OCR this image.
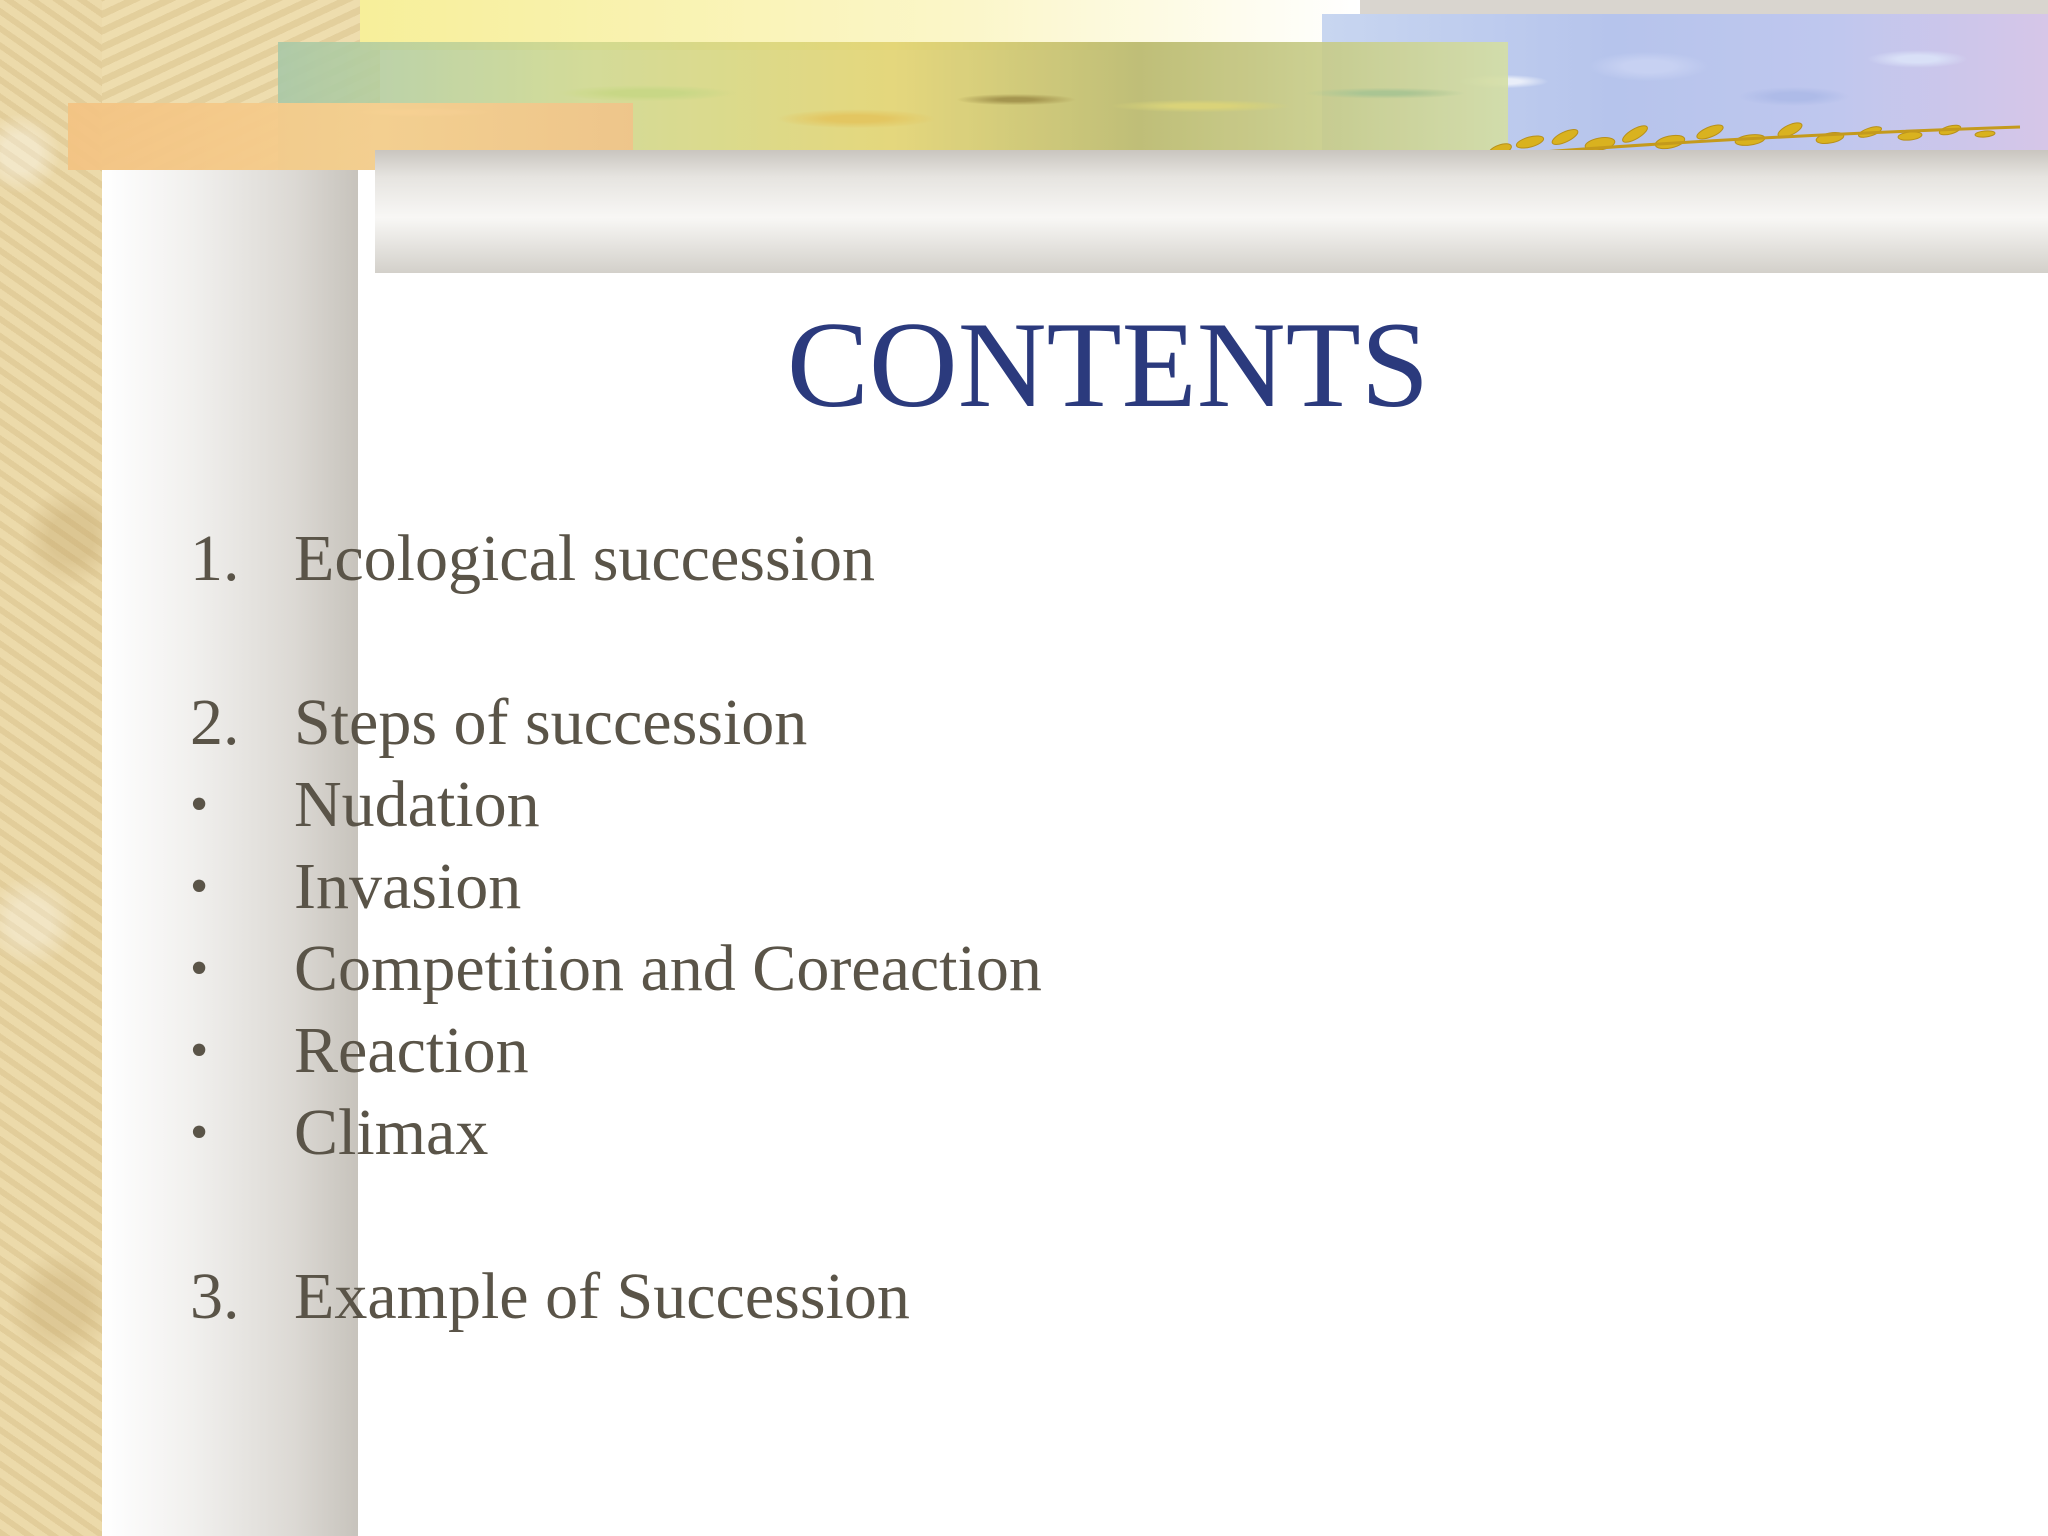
CONTENTS
1. Ecological succession
2. Steps of succession
•	Nudation
•	Invasion
•	Competition and Coreaction
•	Reaction
•	Climax
3. Example of Succession
